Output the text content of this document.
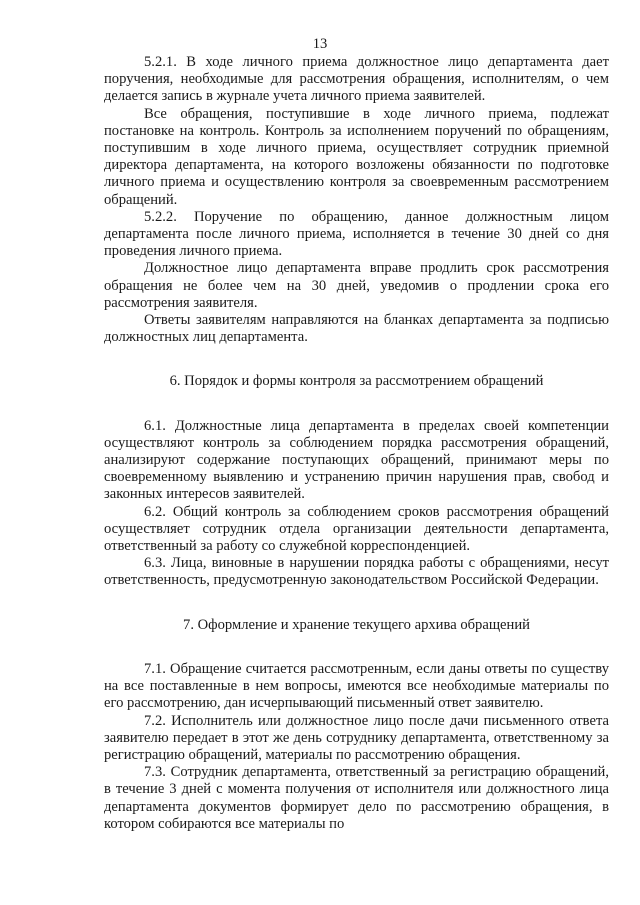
13

5.2.1. В ходе личного приема должностное лицо департамента дает поручения, необходимые для рассмотрения обращения, исполнителям, о чем делается запись в журнале учета личного приема заявителей.

Все обращения, поступившие в ходе личного приема, подлежат постановке на контроль. Контроль за исполнением поручений по обращениям, поступившим в ходе личного приема, осуществляет сотрудник приемной директора департамента, на которого возложены обязанности по подготовке личного приема и осуществлению контроля за своевременным рассмотрением обращений.

5.2.2. Поручение по обращению, данное должностным лицом департамента после личного приема, исполняется в течение 30 дней со дня проведения личного приема.

Должностное лицо департамента вправе продлить срок рассмотрения обращения не более чем на 30 дней, уведомив о продлении срока его рассмотрения заявителя.

Ответы заявителям направляются на бланках департамента за подписью должностных лиц департамента.

6. Порядок и формы контроля за рассмотрением обращений

6.1. Должностные лица департамента в пределах своей компетенции осуществляют контроль за соблюдением порядка рассмотрения обращений, анализируют содержание поступающих обращений, принимают меры по своевременному выявлению и устранению причин нарушения прав, свобод и законных интересов заявителей.

6.2. Общий контроль за соблюдением сроков рассмотрения обращений осуществляет сотрудник отдела организации деятельности департамента, ответственный за работу со служебной корреспонденцией.

6.3. Лица, виновные в нарушении порядка работы с обращениями, несут ответственность, предусмотренную законодательством Российской Федерации.

7. Оформление и хранение текущего архива обращений

7.1. Обращение считается рассмотренным, если даны ответы по существу на все поставленные в нем вопросы, имеются все необходимые материалы по его рассмотрению, дан исчерпывающий письменный ответ заявителю.

7.2. Исполнитель или должностное лицо после дачи письменного ответа заявителю передает в этот же день сотруднику департамента, ответственному за регистрацию обращений, материалы по рассмотрению обращения.

7.3. Сотрудник департамента, ответственный за регистрацию обращений, в течение 3 дней с момента получения от исполнителя или должностного лица департамента документов формирует дело по рассмотрению обращения, в котором собираются все материалы по
